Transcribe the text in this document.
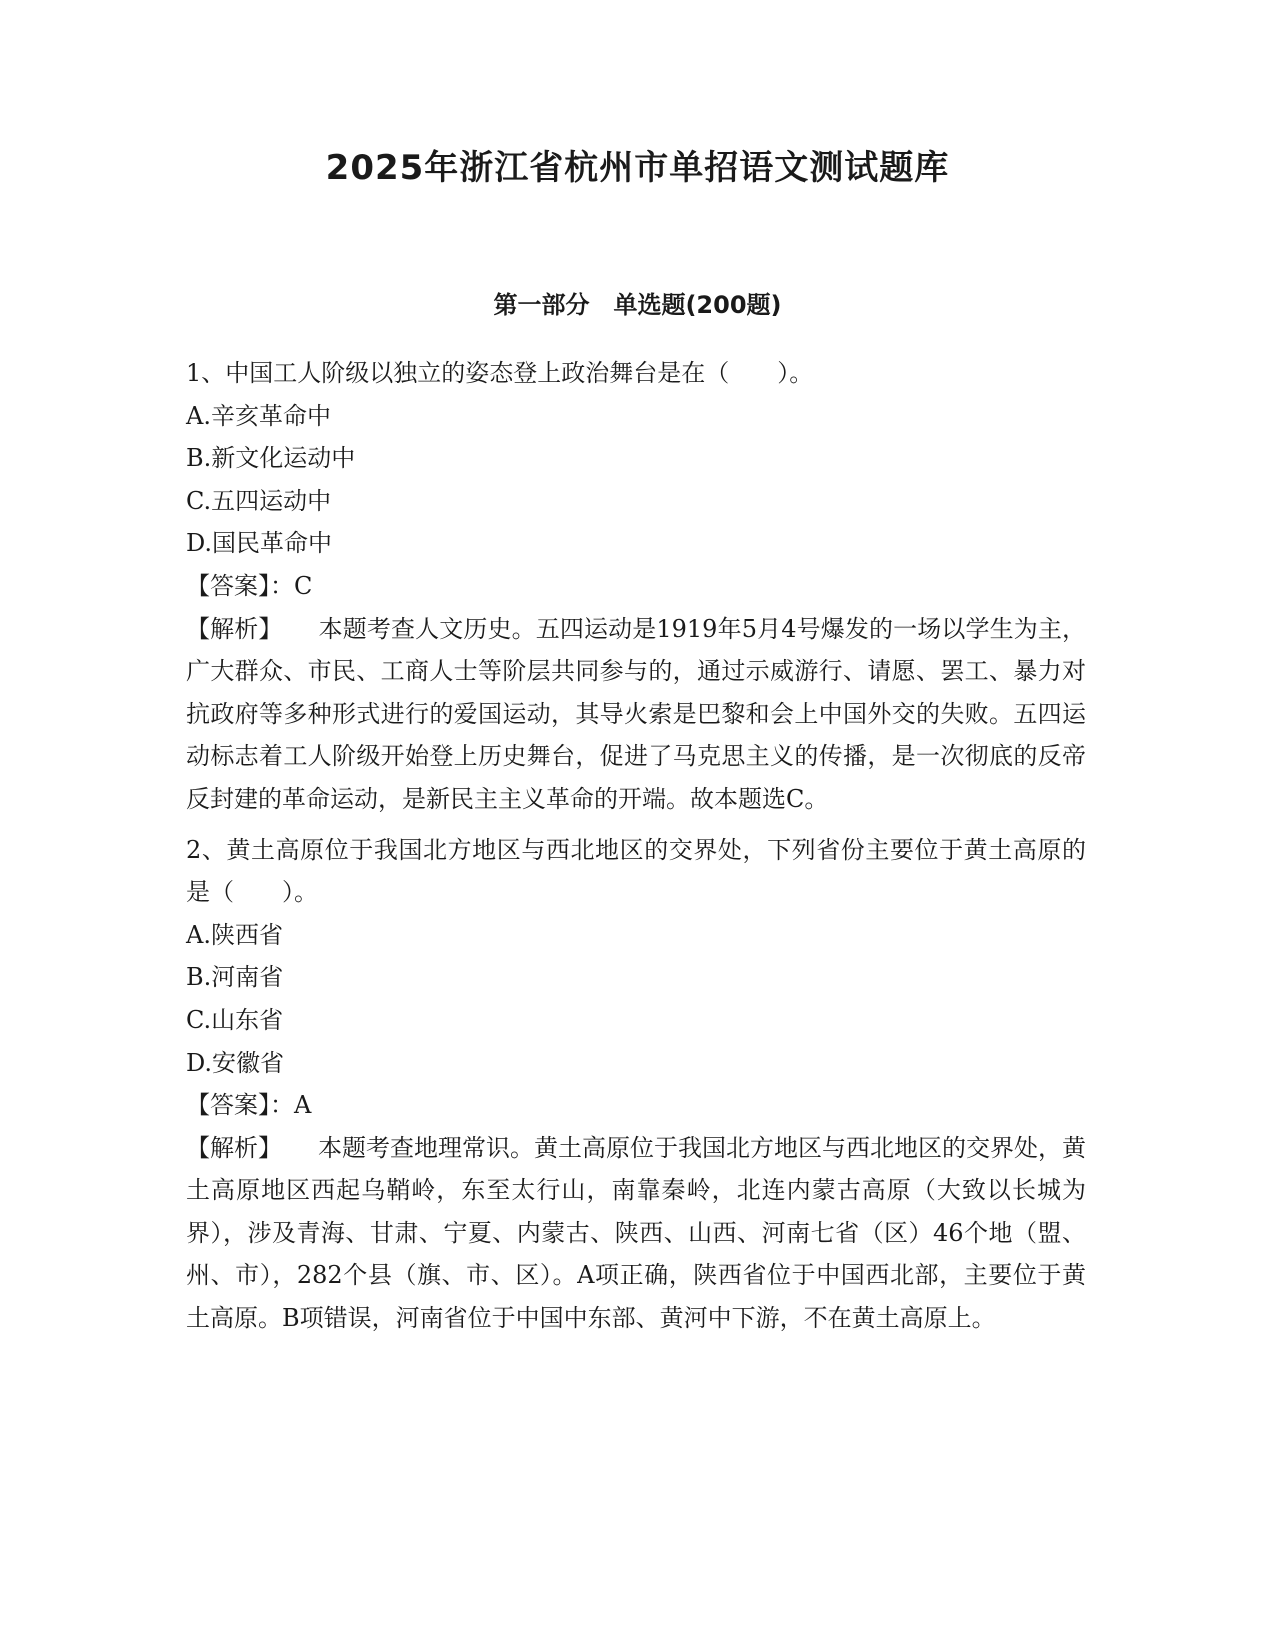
2025年浙江省杭州市单招语文测试题库
第一部分　单选题(200题)

1、中国工人阶级以独立的姿态登上政治舞台是在（　　）。

A.辛亥革命中

B.新文化运动中

C.五四运动中

D.国民革命中

【答案】：C

【解析】 本题考查人文历史。五四运动是1919年5月4号爆发的一场以学生为主，广大群众、市民、工商人士等阶层共同参与的，通过示威游行、请愿、罢工、暴力对抗政府等多种形式进行的爱国运动，其导火索是巴黎和会上中国外交的失败。五四运动标志着工人阶级开始登上历史舞台，促进了马克思主义的传播，是一次彻底的反帝反封建的革命运动，是新民主主义革命的开端。故本题选C。

2、黄土高原位于我国北方地区与西北地区的交界处，下列省份主要位于黄土高原的是（　　）。

A.陕西省

B.河南省

C.山东省

D.安徽省

【答案】：A

【解析】 本题考查地理常识。黄土高原位于我国北方地区与西北地区的交界处，黄土高原地区西起乌鞘岭，东至太行山，南靠秦岭，北连内蒙古高原（大致以长城为界），涉及青海、甘肃、宁夏、内蒙古、陕西、山西、河南七省（区）46个地（盟、州、市），282个县（旗、市、区）。A项正确，陕西省位于中国西北部，主要位于黄土高原。B项错误，河南省位于中国中东部、黄河中下游，不在黄土高原上。
